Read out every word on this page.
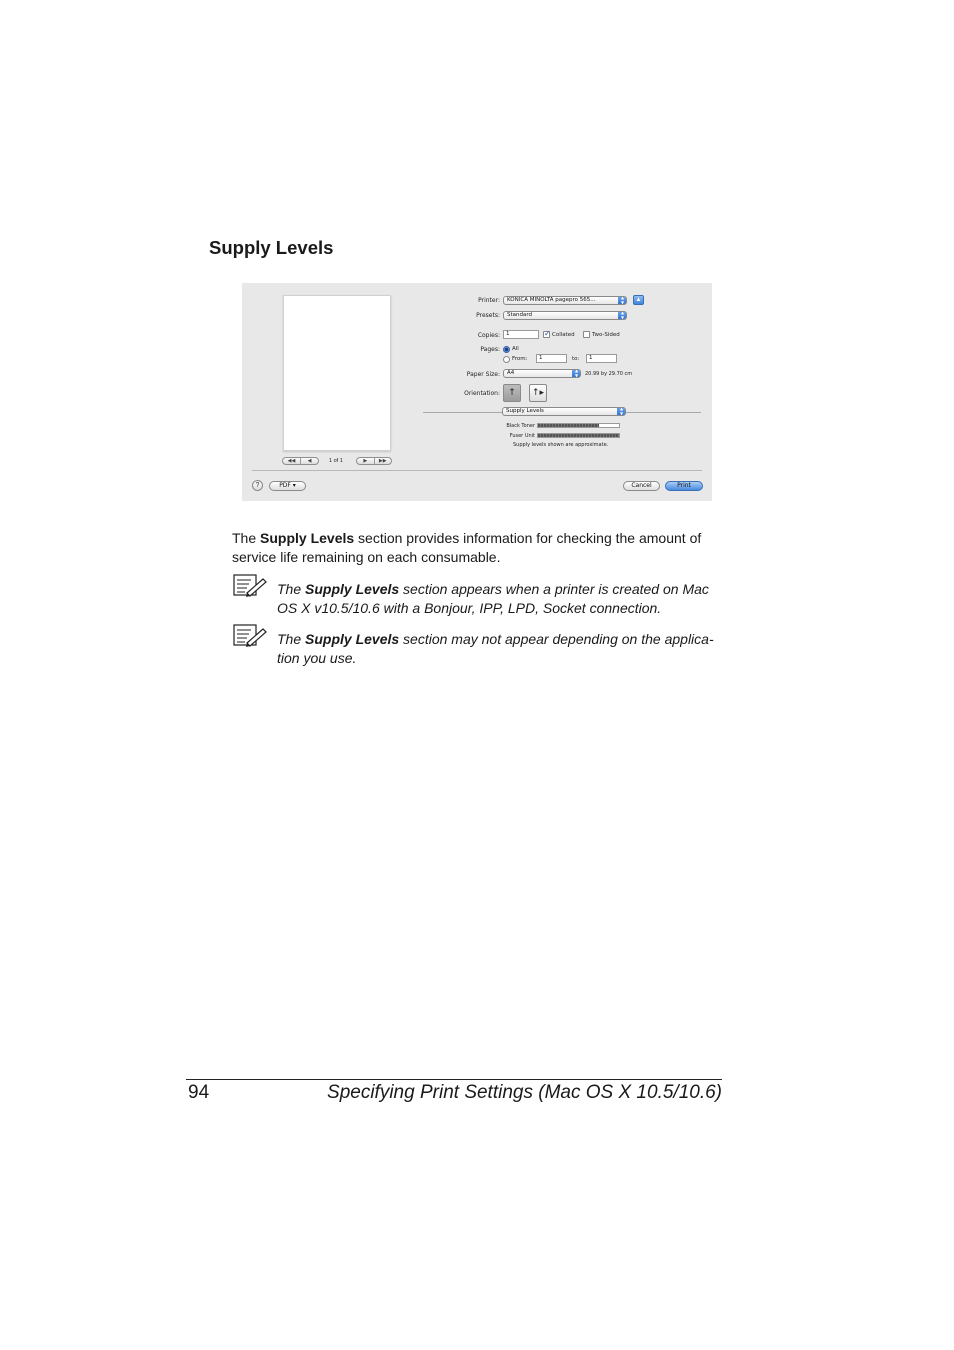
Supply Levels
◀◀	◀	1 of 1	▶	▶▶
Printer:	KONICA MINOLTA pagepro 565...	▲
▼	▲
Presets:	Standard	▲
▼
Copies:	1
✓	Collated	Two-Sided
Pages: All
From:	1	to:	1
Paper Size:	A4	▲
▼	20.99 by 29.70 cm
Orientation: ↑	↑▸
Supply Levels	▲
▼
Black Toner
Fuser Unit
Supply levels shown are approximate.
?	PDF ▾	Cancel	Print
The Supply Levels section provides information for checking the amount of service life remaining on each consumable.
The Supply Levels section appears when a printer is created on Mac OS X v10.5/10.6 with a Bonjour, IPP, LPD, Socket connection.
The Supply Levels section may not appear depending on the applica-tion you use.
94	Specifying Print Settings (Mac OS X 10.5/10.6)
